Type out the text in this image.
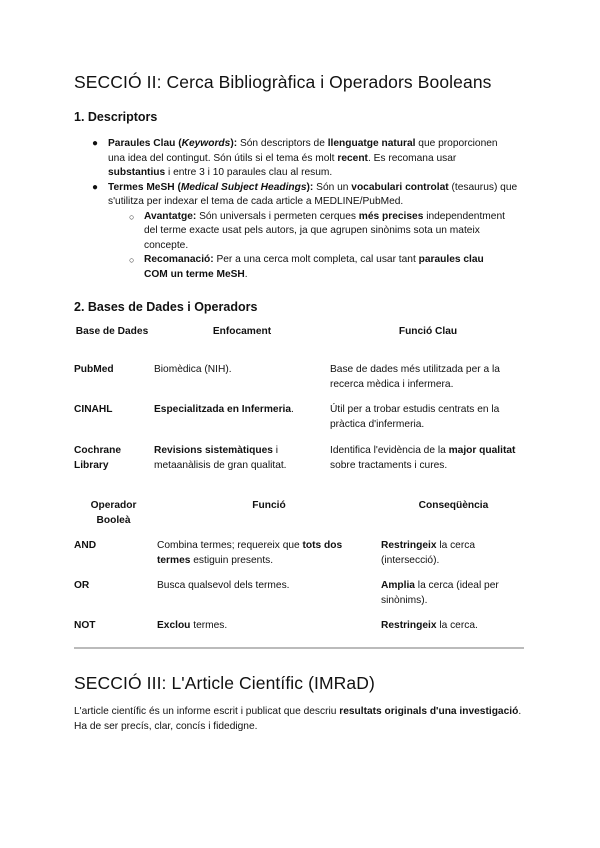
SECCIÓ II: Cerca Bibliogràfica i Operadors Booleans
1. Descriptors
● Paraules Clau (Keywords): Són descriptors de llenguatge natural que proporcionen una idea del contingut. Són útils si el tema és molt recent. Es recomana usar substantius i entre 3 i 10 paraules clau al resum.
● Termes MeSH (Medical Subject Headings): Són un vocabulari controlat (tesaurus) que s'utilitza per indexar el tema de cada article a MEDLINE/PubMed.
○ Avantatge: Són universals i permeten cerques més precises independentment del terme exacte usat pels autors, ja que agrupen sinònims sota un mateix concepte.
○ Recomanació: Per a una cerca molt completa, cal usar tant paraules clau
COM un terme MeSH.
2. Bases de Dades i Operadors
Base de Dades	Enfocament	Funció Clau
PubMed	Biomèdica (NIH).	Base de dades més utilitzada per a la recerca mèdica i infermera.
CINAHL	Especialitzada en Infermeria.	Útil per a trobar estudis centrats en la pràctica d'infermeria.
Cochrane Library	Revisions sistemàtiques i metaanàlisis de gran qualitat.	Identifica l'evidència de la major qualitat sobre tractaments i cures.
Operador Booleà	Funció	Conseqüència
AND	Combina termes; requereix que tots dos termes estiguin presents.	Restringeix la cerca (intersecció).
OR	Busca qualsevol dels termes.	Amplia la cerca (ideal per sinònims).
NOT	Exclou termes.	Restringeix la cerca.
SECCIÓ III: L'Article Científic (IMRaD)

L'article científic és un informe escrit i publicat que descriu resultats originals d'una investigació. Ha de ser precís, clar, concís i fidedigne.
